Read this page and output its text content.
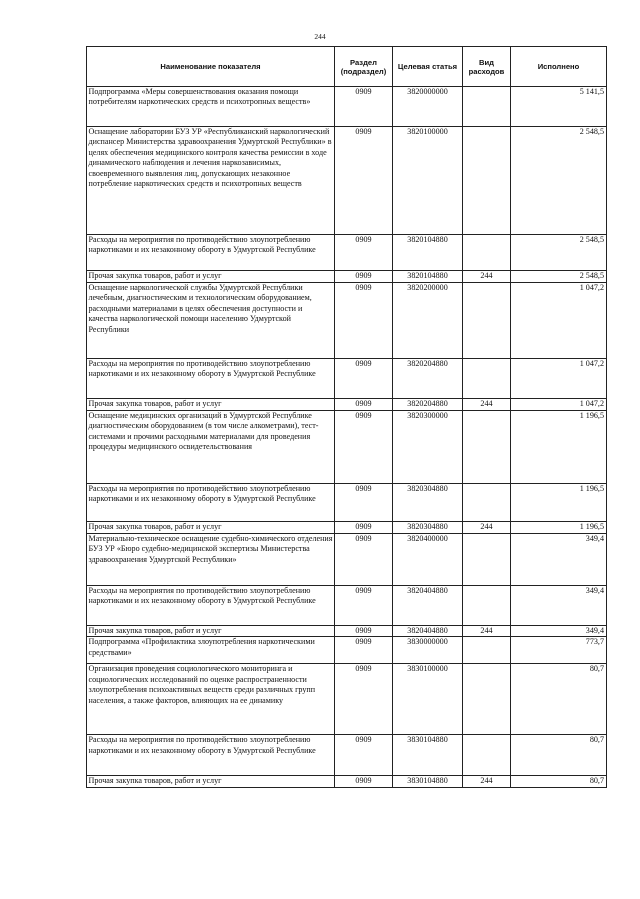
244
Наименование показателя	Раздел (подраздел)	Целевая статья	Вид расходов	Исполнено
Подпрограмма «Меры совершенствования оказания помощи потребителям наркотических средств и психотропных веществ»	0909	3820000000		5 141,5
Оснащение лаборатории БУЗ УР «Республиканский наркологический диспансер Министерства здравоохранения Удмуртской Республики» в целях обеспечения медицинского контроля качества ремиссии в ходе динамического наблюдения и лечения наркозависимых, своевременного выявления лиц, допускающих незаконное потребление наркотических средств и психотропных веществ	0909	3820100000		2 548,5
Расходы на мероприятия по противодействию злоупотреблению наркотиками и их незаконному обороту в Удмуртской Республике	0909	3820104880		2 548,5
Прочая закупка товаров, работ и услуг	0909	3820104880	244	2 548,5
Оснащение наркологической службы Удмуртской Республики лечебным, диагностическим и технологическим оборудованием, расходными материалами в целях обеспечения доступности и качества наркологической помощи населению Удмуртской Республики	0909	3820200000		1 047,2
Расходы на мероприятия по противодействию злоупотреблению наркотиками и их незаконному обороту в Удмуртской Республике	0909	3820204880		1 047,2
Прочая закупка товаров, работ и услуг	0909	3820204880	244	1 047,2
Оснащение медицинских организаций в Удмуртской Республике диагностическим оборудованием (в том числе алкометрами), тест-системами и прочими расходными материалами для проведения процедуры медицинского освидетельствования	0909	3820300000		1 196,5
Расходы на мероприятия по противодействию злоупотреблению наркотиками и их незаконному обороту в Удмуртской Республике	0909	3820304880		1 196,5
Прочая закупка товаров, работ и услуг	0909	3820304880	244	1 196,5
Материально-техническое оснащение судебно-химического отделения БУЗ УР «Бюро судебно-медицинской экспертизы Министерства здравоохранения Удмуртской Республики»	0909	3820400000		349,4
Расходы на мероприятия по противодействию злоупотреблению наркотиками и их незаконному обороту в Удмуртской Республике	0909	3820404880		349,4
Прочая закупка товаров, работ и услуг	0909	3820404880	244	349,4
Подпрограмма «Профилактика злоупотребления наркотическими средствами»	0909	3830000000		773,7
Организация проведения социологического мониторинга и социологических исследований по оценке распространенности злоупотребления психоактивных веществ среди различных групп населения, а также факторов, влияющих на ее динамику	0909	3830100000		80,7
Расходы на мероприятия по противодействию злоупотреблению наркотиками и их незаконному обороту в Удмуртской Республике	0909	3830104880		80,7
Прочая закупка товаров, работ и услуг	0909	3830104880	244	80,7
